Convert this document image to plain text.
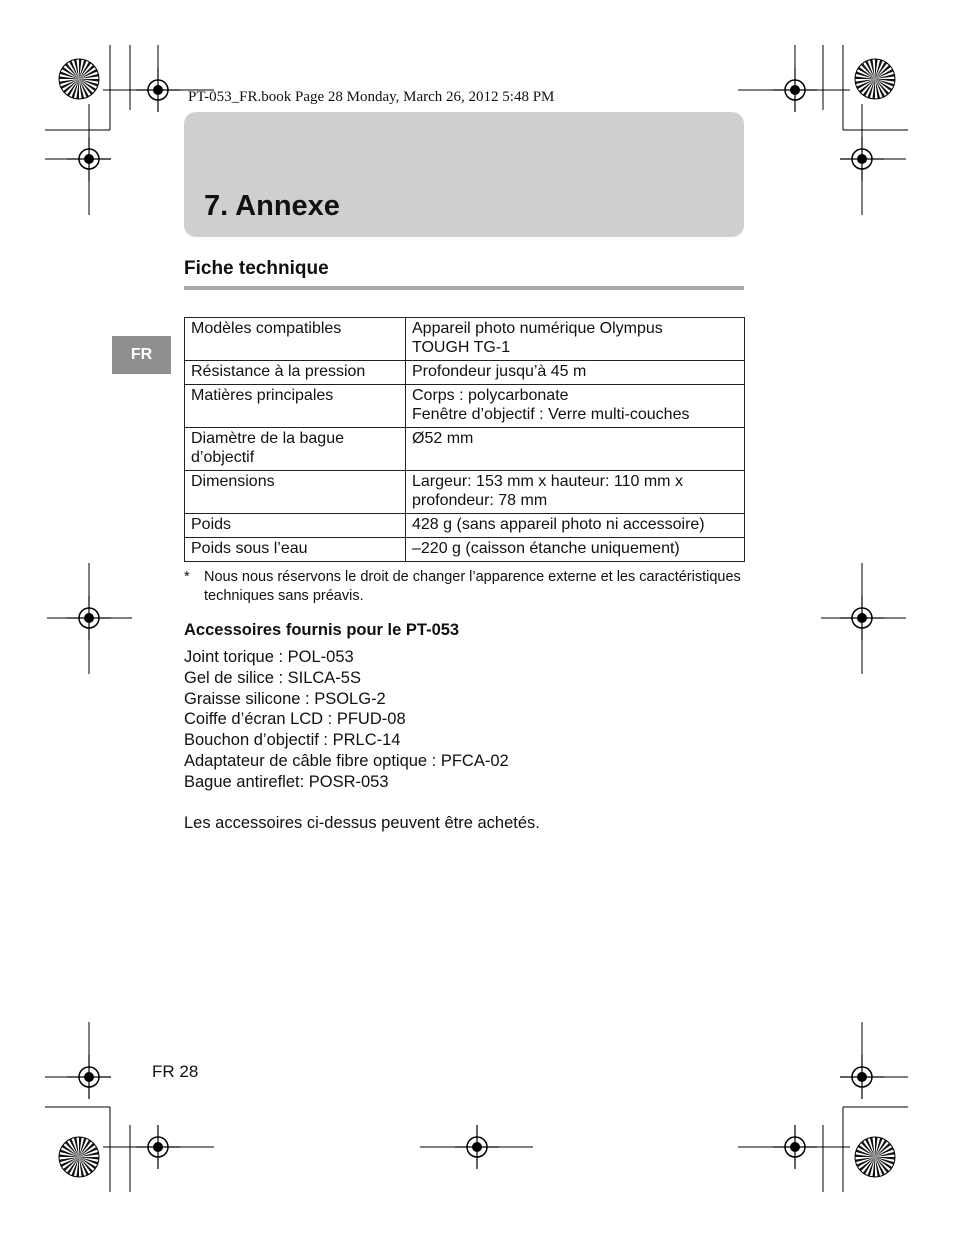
PT-053_FR.book Page 28 Monday, March 26, 2012 5:48 PM
7. Annexe
FR
Fiche technique
Modèles compatibles	Appareil photo numérique Olympus
TOUGH TG-1

Résistance à la pression	Profondeur jusqu’à 45 m

Matières principales	Corps : polycarbonate
Fenêtre d’objectif : Verre multi-couches

Diamètre de la bague d’objectif	Ø52 mm

Dimensions	Largeur: 153 mm x hauteur: 110 mm x
profondeur: 78 mm

Poids	428 g (sans appareil photo ni accessoire)

Poids sous l’eau	–220 g (caisson étanche uniquement)
* Nous nous réservons le droit de changer l’apparence externe et les caractéristiques techniques sans préavis.
Accessoires fournis pour le PT-053
Joint torique : POL-053
Gel de silice : SILCA-5S
Graisse silicone : PSOLG-2
Coiffe d’écran LCD : PFUD-08
Bouchon d’objectif : PRLC-14
Adaptateur de câble fibre optique : PFCA-02
Bague antireflet: POSR-053

Les accessoires ci-dessus peuvent être achetés.

FR 28
